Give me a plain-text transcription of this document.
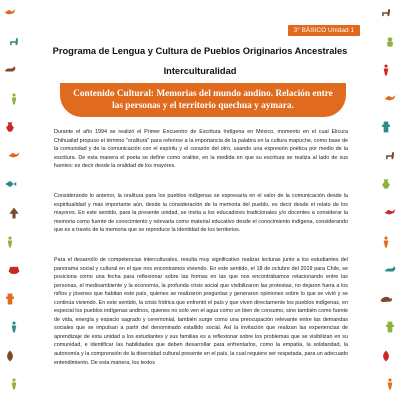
3° BÁSICO Unidad 1
Programa de Lengua y Cultura de Pueblos Originarios Ancestrales
Interculturalidad
Contenido Cultural: Memorias del mundo andino. Relación entre las personas y el territorio quechua y aymara.

Durante el año 1994 se realizó el Primer Encuentro de Escritura Indígena en México, momento en el cual Elicura Chihuailaf propuso el término "oralitura" para referirse a la importancia de la palabra en la cultura mapuche, como base de la comunidad y de la comunicación con el espíritu y el corazón del otro, usando una expresión poética por medio de la escritura. De esta manera el poeta se define como oralitor, en la medida en que su escritura se realiza al lado de sus fuentes: es decir desde la oralidad de los mayores.

Considerando lo anterior, la oralitura para los pueblos indígenas se expresaría en el valor de la comunicación desde la espiritualidad y más importante aún, desde la consideración de la memoria del pueblo, es decir desde el relato de los mayores. En este sentido, para la presente unidad, se invita a los educadores tradicionales y/o docentes a considerar la memoria como fuente de conocimiento y relevarla como material educativo desde el conocimiento indígena, considerando que es a través de la memoria que se reproduce la identidad de los territorios.

Para el desarrollo de competencias interculturales, resulta muy significativo realizar lecturas junto a los estudiantes del panorama social y cultural en el que nos encontramos viviendo. En este sentido, el 18 de octubre del 2019 para Chile, se posiciona como una fecha para reflexionar sobre las formas en las que nos encontrábamos relacionando entre las personas, el medioambiente y la economía, la profunda crisis social que visibilizaron las protestas, no dejaron fuera a los niños y jóvenes que habitan este país, quienes se realizaron preguntas y generaron opiniones sobre lo que se vivió y se continúa viviendo. En este sentido, la crisis hídrica que enfrentó el país y que viven directamente los pueblos indígenas, en especial los pueblos indígenas andinos, quienes no solo ven el agua como un bien de consumo, sino también como fuente de vida, energía y espacio sagrado y ceremonial, también surge como una preocupación relevante entre las demandas sociales que se impulsan a partir del denominado estallido social. Así la invitación que realizan las experiencias de aprendizaje de esta unidad a los estudiantes y sus familias es a reflexionar sobre los problemas que se visibilizan en su comunidad, e identificar las habilidades que deben desarrollar para enfrentarlos, como la empatía, la solidaridad, la autonomía y la comprensión de la diversidad cultural presente en el país, la cual requiere ser respetada, para un adecuado entendimiento. De esta manera, los textos
